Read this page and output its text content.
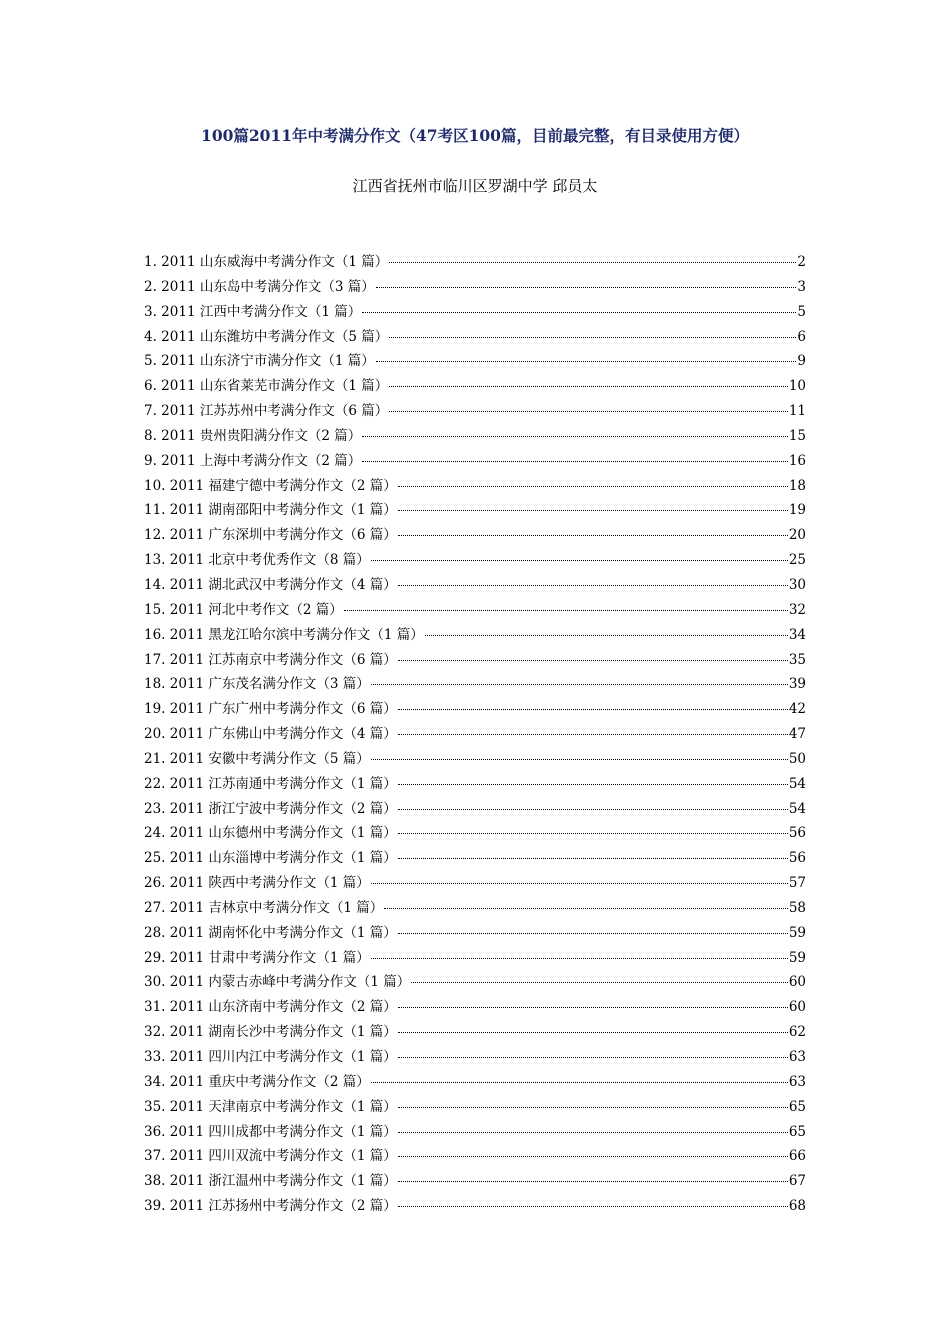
100篇2011年中考满分作文（47考区100篇，目前最完整，有目录使用方便）
江西省抚州市临川区罗湖中学 邱员太
1. 2011 山东威海中考满分作文（1 篇）	2
2. 2011 山东岛中考满分作文（3 篇）	3
3. 2011 江西中考满分作文（1 篇）	5
4. 2011 山东潍坊中考满分作文（5 篇）	6
5. 2011 山东济宁市满分作文（1 篇）	9
6. 2011 山东省莱芜市满分作文（1 篇）	10
7. 2011 江苏苏州中考满分作文（6 篇）	11
8. 2011 贵州贵阳满分作文（2 篇）	15
9. 2011 上海中考满分作文（2 篇）	16
10. 2011 福建宁德中考满分作文（2 篇）	18
11. 2011 湖南邵阳中考满分作文（1 篇）	19
12. 2011 广东深圳中考满分作文（6 篇）	20
13. 2011 北京中考优秀作文（8 篇）	25
14. 2011 湖北武汉中考满分作文（4 篇）	30
15. 2011 河北中考作文（2 篇）	32
16. 2011 黑龙江哈尔滨中考满分作文（1 篇）	34
17. 2011 江苏南京中考满分作文（6 篇）	35
18. 2011 广东茂名满分作文（3 篇）	39
19. 2011 广东广州中考满分作文（6 篇）	42
20. 2011 广东佛山中考满分作文（4 篇）	47
21. 2011 安徽中考满分作文（5 篇）	50
22. 2011 江苏南通中考满分作文（1 篇）	54
23. 2011 浙江宁波中考满分作文（2 篇）	54
24. 2011 山东德州中考满分作文（1 篇）	56
25. 2011 山东淄博中考满分作文（1 篇）	56
26. 2011 陕西中考满分作文（1 篇）	57
27. 2011 吉林京中考满分作文（1 篇）	58
28. 2011 湖南怀化中考满分作文（1 篇）	59
29. 2011 甘肃中考满分作文（1 篇）	59
30. 2011 内蒙古赤峰中考满分作文（1 篇）	60
31. 2011 山东济南中考满分作文（2 篇）	60
32. 2011 湖南长沙中考满分作文（1 篇）	62
33. 2011 四川内江中考满分作文（1 篇）	63
34. 2011 重庆中考满分作文（2 篇）	63
35. 2011 天津南京中考满分作文（1 篇）	65
36. 2011 四川成都中考满分作文（1 篇）	65
37. 2011 四川双流中考满分作文（1 篇）	66
38. 2011 浙江温州中考满分作文（1 篇）	67
39. 2011 江苏扬州中考满分作文（2 篇）	68
